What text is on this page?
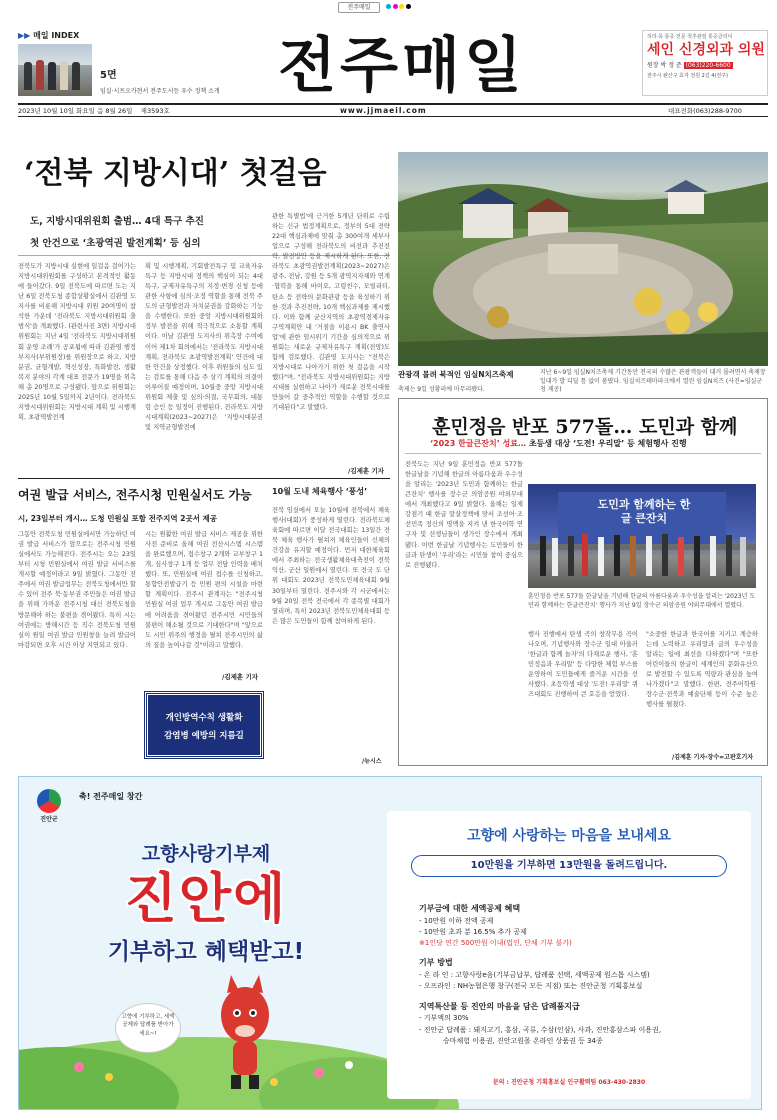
전주매일

▶▶ 매일 INDEX
5면
임실·시프오카현서 전주도시등 우수 정책 소개 전주매일	허리·목 통증 전문 척추관절 통증클리닉
세인 신경외과 의원
원장 박 정 준 (063)220-6600
전주시 완산구 효자 전원 2길 4(전주)
2023년 10월 10일 화요일 음 8월 26일 제3593호	www.jjmaeil.com	대표전화(063)288-9700
‘전북 지방시대’ 첫걸음
도, 지방시대위원회 출범… 4대 특구 추진
첫 안건으로 ‘초광역권 발전계획’ 등 심의
전북도가 지방시대 실현에 일걸음 걸어가는 지방시대위원회를 구성하고 본격적인 활동에 들어갔다. 9일 전북도에 따르면 도는 지난 6일 전북도청 종합상황실에서 김관영 도지사를 비롯해 지방시대 위원 20여명이 참석한 가운데 '전라북도 지방시대위원회 출범식'을 개최했다. (관련사진 3면) 지방시대위원회는 지난 4일 '전라북도 지방시대위원회 운영 조례'가 공포됨에 따라 김관영 행정부지사(부위원장)를 위원장으로 하고, 지방분권, 균형개발, 혁신성장, 특화발전, 생활복지 분야의 각계 대표 전문가 19명을 위촉해 총 20명으로 구성됐다. 앞으로 위원회는 2025년 10월 5일까지 2년이다. 전라북도 지방시대위원회는 지방시대 계획 및 시행계획, 초광역발전계
획 및 시행계획, 기회발전특구 및 교육자유특구 등 지방시대 정책의 핵심이 되는 4대 특구, 규제자유특구의 지정·변경 신청 등에 관한 사항에 심의·조정 역할을 통해 전북 주도의 균형발전과 자치분권을 강화하는 기능을 수행한다. 또한 중앙 지방시대위원회와 정부 발전을 위해 적극적으로 소통할 계획이다. 이날 김관영 도지사의 위촉장 수여에 이어 제1차 회의에서는 '전라북도 지방시대계획, 전라북도 초광역발전계획' 안건에 대한 안건을 상정했다. 이후 위원들의 심도 있는 검토를 통해 다음 주 상기 계획의 의결이 이루어질 예정이며, 10월중 중앙 지방시대위원회 제출 및 심의·의결, 국무회의, 대통령 승인 등 일정이 진행된다. 전라북도 지방시대계획(2023~2027)은 '지방시대분권 및 지역균형발전에
관한 특별법'에 근거한 5개년 단위로 수립하는 신규 법정계획으로, 정부의 5대 전략 22대 핵심과제에 맞춰 총 300여개 세부사업으로 구성해 전라북도의 비전과 추진전략, 발전방안 등을 제시하게 된다. 또한, 전라북도 초광역권발전계획(2023~2027)은 광주, 전남, 강원 등 5개 광역지자체와 연계·협력을 통해 바이오, 고령친수, 모빌리티, 탄소 등 전략의 문화관광 등을 육성하기 위한 것과 추진전략, 10개 핵심과제를 제시했다. 이와 함께 균산지역의 초광역경제자유구역계획안 내 '거점을 이용시 BK 출연사업'에 관한 임시위기 기간을 심의적으로 위원회는 새로운 규제자유특구 계획(전망)도 함께 검토했다. 김관영 도지사는 "전북은 지방시대로 나아가기 위한 첫 걸음을 시작했다"며, "전라북도 지방시대위원회는 지방시대를 실현하고 나아가 새로운 전북시대를 만들어 갈 중추적인 역할을 수행할 것으로 기대된다"고 말했다.
/김제훈 기자
관광객 몰려 북적인 임실N치즈축제	지난 6~9일 임실N치즈축제 기간동안 전국의 수많은 관광객들이 대거 몰려면서 축제장 일대가 발 디딜 틈 없이 붐볐다. 임실치즈테마파크에서 열린 임실N치즈 (사진=임실군청 제공)
축제는 9일 성황리에 마무리됐다.
훈민정음 반포 577돌… 도민과 함께
‘2023 한글큰잔치’ 성료… 초등생 대상 ‘도전! 우리말’ 등 체험행사 진행
전북도는 지난 9일 훈민정음 반포 577돌 한글날을 기념해 한글의 아름다움과 우수성을 알리는 '2023년 도민과 함께하는 한글큰잔치' 행사를 장수군 의암공원 야외무대에서 개최했다고 9일 밝혔다. 올해는 일제강점기 때 한글 말살정책에 맞서 조선어·조선민족 정신의 명맥을 지켜 낸 한국어학 연구자 및 선생님들이 생가인 장수에서 개최됐다. 이번 한글날 기념행사는 도민들이 한글과 탄생이 '우리'라는 시민들 참여 중심으로 진행됐다.
도민과 함께하는 한글 큰잔치
훈민정음 반포 577돌 한글날을 기념해 한글의 아름다움과 우수성을 알리는 '2023년 도민과 함께하는 한글큰잔치' 행사가 지난 9일 장수군 의암공원 야외무대에서 열렸다.
행사 진행에서 탄생 곡의 창작무용 곡이 나오며, 기념행사와 장수군 일대 아울러 '한글과 함께 놀자'의 다채로운 행사, '훈민정음과 우리말' 등 다양한 체험 부스를 운영하여 도민들에게 즐거운 시간을 선사했다. 초등학생 대상 '도전! 우리말' 퀴즈대회도 진행하여 큰 호응을 얻었다.
"소중한 한글과 한국어를 지키고 계승하는데 노력하고 우리말과 글의 우수성을 알리는 일에 최선을 다하겠다"며 "또한 어린이들의 한글이 세계인의 문화유산으로 발전할 수 있도록 역량과 관심을 높여 나가겠다"고 말했다. 한편, 전주어학원·장수군·전북과 예술단체 등이 수준 높은 행사를 펼쳤다.
/김제훈 기자·장수=고판호기자
여권 발급 서비스, 전주시청 민원실서도 가능
시, 23일부터 개시… 도청 민원실 포함 전주지역 2곳서 제공
그동안 전북도청 민원실에서만 가능하던 여권 발급 서비스가 앞으로는 전주시청 민원실에서도 가능해진다. 전주시는 오는 23일부터 시청 민원실에서 여권 발급 서비스를 개시할 예정이라고 9일 밝혔다. 그동안 전주에서 여권 발급업무는 전북도청에서만 할 수 있어 전주 북·동부권 주민들은 여권 발급을 위해 가까운 전주시청 대신 전북도청을 방문해야 하는 불편을 겪어왔다. 특히 시는 여권에는 방해시간 등 직수 전북도청 민원실이 원일 여권 발급 민원창을 늘려 발급이 마감되면 오후 시간 이상 지연되고 있다.
시는 원활한 여권 발급 서비스 제공을 위한 사전 준비로 올해 여권 전산시스템 시스템을 완료했으며, 접수창구 2개와 교부창구 1개, 심사창구 1개 등 업무 전담 인력을 배치했다. 또, 민원실에 여권 접수를 신청하고, 통합안전발급기 등 민원 편의 시설을 마련할 계획이다. 전주시 관계자는 "전주시청 민원실 여권 업무 개시로 그동안 여권 발급에 어려움을 겪어왔던 전주시민 시민들의 불편이 해소될 것으로 기대한다"며 "앞으로도 시민 위주의 행정을 펼쳐 전주시민의 삶의 질을 높여나갈 것"이라고 말했다.
/김제훈 기자
개인방역수칙 생활화
감염병 예방의 지름길
10월 도내 체육행사 ‘풍성’
전북 임실에서 오늘 10월에 전북에서 체육 행사(대회)가 풍성하게 열린다. 전라북도체육회에 따르면 이달 전국대회는 13일간 전북 체육 행사가 펼쳐져 체육인들이 신체의 건강을 유지할 예정이다. 먼저 대한체육회에서 주최하는 전국생활체육대축전이 전북 익산, 군산 일원에서 열린다. 또 전국 도 단위 대회도 2023년 전북도민체육대회 9월 30일부터 열린다. 전주시와 각 시군에서는 9월 20일 전북 전국에서 각 종목별 대회가 열리며, 특히 2023년 전북도민체육대회 등은 많은 도민들이 함께 참여하게 된다.
/뉴시스
진안군
축! 전주매일 창간
고향사랑기부제
진안에
기부하고 혜택받고!
고향에 기부하고, 세액공제와 답례품 받아가세요~!
고향에 사랑하는 마음을 보내세요
10만원을 기부하면 13만원을 돌려드립니다.
기부금에 대한 세액공제 혜택
- 10만원 이하 전액 공제
- 10만원 초과 분 16.5% 추가 공제
※1인당 연간 500만원 이내(법인, 단체 기부 불가)
기부 방법
- 온 라 인 : 고향사랑e음(기부금납부, 답례품 선택, 세액공제 원스톱 시스템)
- 오프라인 : NH농협은행 창구(전국 모든 지점) 또는 진안군청 기획홍보실
지역특산물 등 진안의 마음을 담은 답례품지급
- 기부액의 30%
- 진안군 답례품 : 돼지고기, 홍삼, 곡류, 수삼(인삼), 사과, 진안홍삼스파 이용권,
승마체험 이용권, 진안고원몰 온라인 상품권 등 34종
문의 : 진안군청 기획홍보실 인구활력팀 063-430-2830
